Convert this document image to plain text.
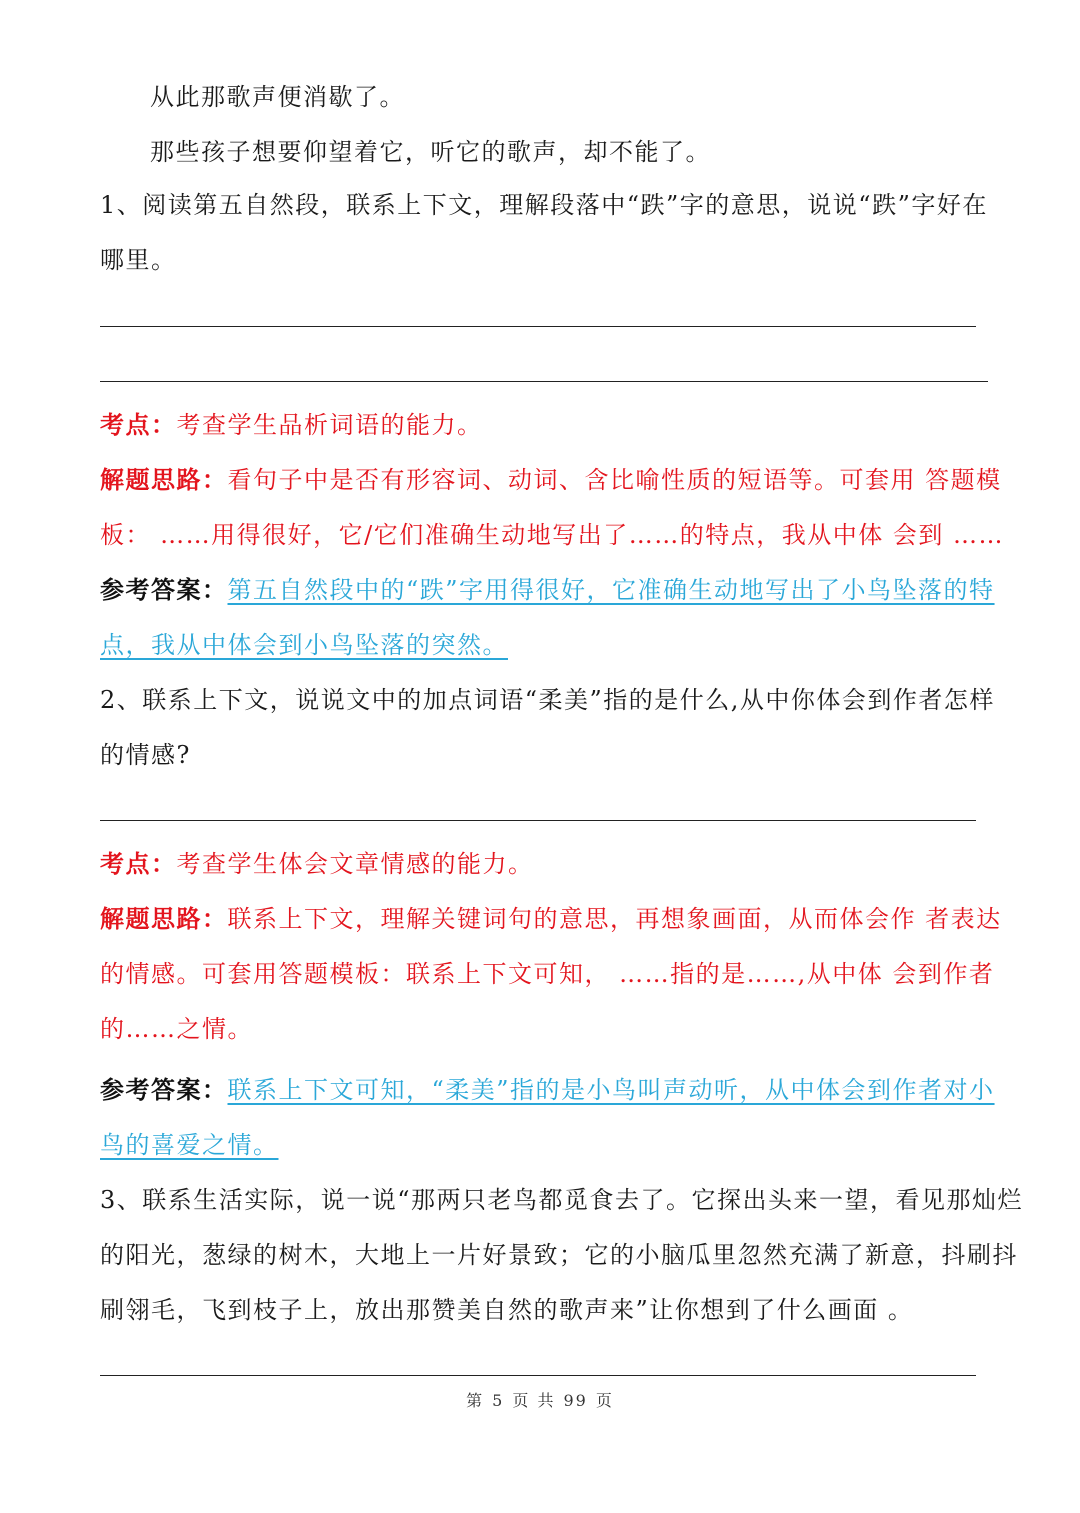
从此那歌声便消歇了。
那些孩子想要仰望着它，听它的歌声，却不能了。
1、阅读第五自然段，联系上下文，理解段落中“跌”字的意思，说说“跌”字好在
哪里。
考点：考查学生品析词语的能力。
解题思路：看句子中是否有形容词、动词、含比喻性质的短语等。可套用 答题模
板： ……用得很好，它/它们准确生动地写出了……的特点，我从中体 会到 ……
参考答案：第五自然段中的“跌”字用得很好，它准确生动地写出了小鸟坠落的特
点，我从中体会到小鸟坠落的突然。
2、联系上下文，说说文中的加点词语“柔美”指的是什么,从中你体会到作者怎样
的情感?
考点：考查学生体会文章情感的能力。
解题思路：联系上下文，理解关键词句的意思，再想象画面，从而体会作 者表达
的情感。可套用答题模板：联系上下文可知， ……指的是……,从中体 会到作者
的……之情。
参考答案：联系上下文可知，“柔美”指的是小鸟叫声动听，从中体会到作者对小
鸟的喜爱之情。
3、联系生活实际，说一说“那两只老鸟都觅食去了。它探出头来一望，看见那灿烂
的阳光，葱绿的树木，大地上一片好景致；它的小脑瓜里忽然充满了新意，抖刷抖
刷翎毛，飞到枝子上，放出那赞美自然的歌声来”让你想到了什么画面 。
第 5 页 共 99 页
